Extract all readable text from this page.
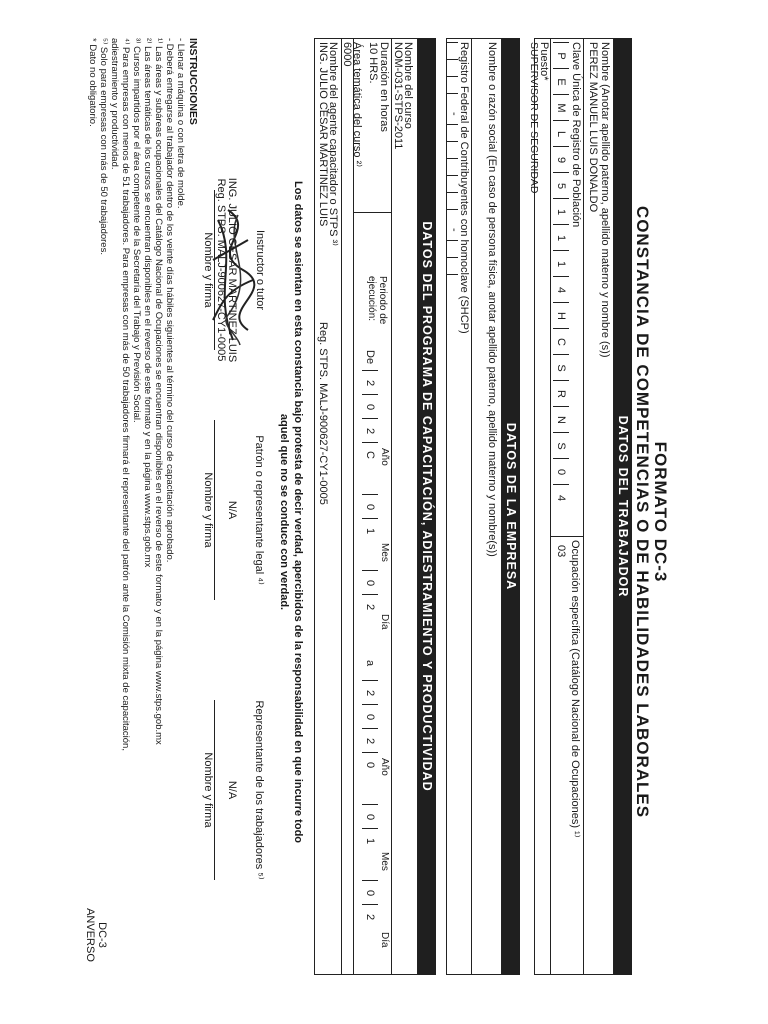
FORMATO DC-3
CONSTANCIA DE COMPETENCIAS O DE HABILIDADES LABORALES
DATOS DEL TRABAJADOR
Nombre (Anotar apellido paterno, apellido materno y nombre (s))
PEREZ MANUEL LUIS DONALDO
Clave Única de Registro de Población
Ocupación específica (Catálogo Nacional de Ocupaciones) ¹⁾
P
E
M
L
9
5
1
1
1
4
H
C
S
R
N
S
0
4
03
Puesto*
SUPERVISOR DE SEGURIDAD
DATOS DE LA EMPRESA
Nombre o razón social (En caso de persona física, anotar apellido paterno, apellido materno y nombre(s))
Registro Federal de Contribuyentes con homoclave (SHCP)
-
-
DATOS DEL PROGRAMA DE CAPACITACIÓN, ADIESTRAMIENTO Y PRODUCTIVIDAD
Nombre del curso
NOM-031-STPS-2011
Duración en horas
10 HRS.
Periodo de
ejecución:
De
Año
Mes
Día
a
Año
Mes
Día
2
0
2
C
0
1
0
2
2
0
2
0
0
1
0
2
Área temática del curso ²⁾
6000
Nombre del agente capacitador o STPS ³⁾
ING. JULIO CESAR MARTINEZ LUIS
Reg. STPS. MALJ-900627-CY1-0005
Los datos se asientan en esta constancia bajo protesta de decir verdad, apercibidos de la responsabilidad en que incurre todo
aquel que no se conduce con verdad.
Instructor o tutor
Patrón o representante legal ⁴⁾
Representante de los trabajadores ⁵⁾
ING. JULIO CESAR MARTINEZ LUIS
Reg. STPS. MALJ-900627-CY1-0005
N/A
N/A
Nombre y firma
Nombre y firma
Nombre y firma
INSTRUCCIONES
- Llenar a máquina o con letra de molde.
- Deberá entregarse al trabajador dentro de los veinte días hábiles siguientes al término del curso de capacitación aprobado.
¹⁾ Las áreas y subáreas ocupacionales del Catálogo Nacional de Ocupaciones se encuentran disponibles en el reverso de este formato y en la página www.stps.gob.mx
²⁾ Las áreas temáticas de los cursos se encuentran disponibles en el reverso de este formato y en la página www.stps.gob.mx
³⁾ Cursos impartidos por el área competente de la Secretaría del Trabajo y Previsión Social.
⁴⁾ Para empresas con menos de 51 trabajadores. Para empresas con más de 50 trabajadores firmará el representante del patrón ante la Comisión mixta de capacitación,
adiestramiento y productividad.
⁵⁾ Solo para empresas con más de 50 trabajadores.
* Dato no obligatorio.
DC-3
ANVERSO
